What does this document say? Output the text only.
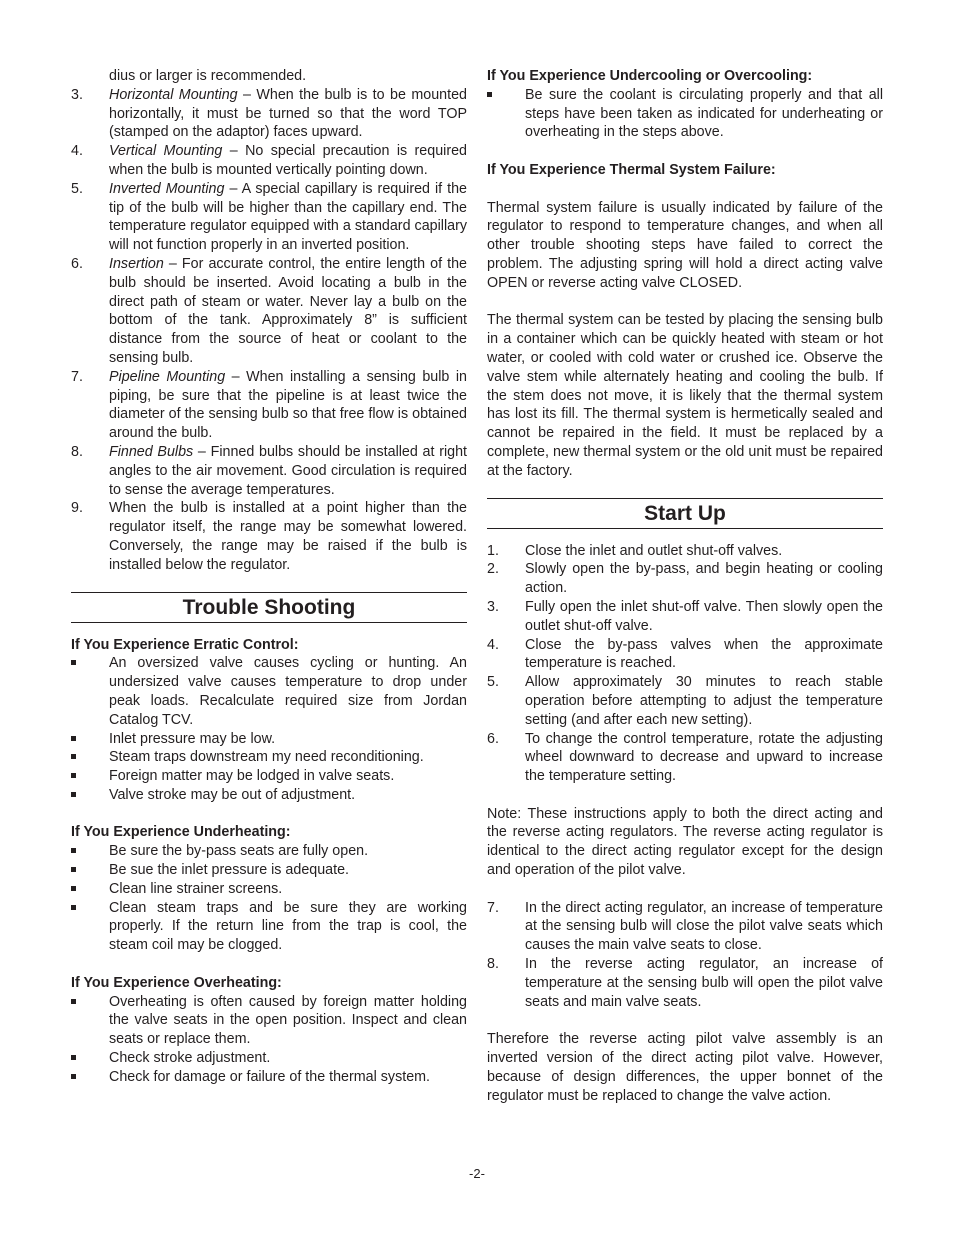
dius or larger is recommended.
3. Horizontal Mounting – When the bulb is to be mounted horizontally, it must be turned so that the word TOP (stamped on the adaptor) faces upward.
4. Vertical Mounting – No special precaution is required when the bulb is mounted vertically pointing down.
5. Inverted Mounting – A special capillary is required if the tip of the bulb will be higher than the capillary end. The temperature regulator equipped with a standard capillary will not function properly in an inverted position.
6. Insertion – For accurate control, the entire length of the bulb should be inserted. Avoid locating a bulb in the direct path of steam or water. Never lay a bulb on the bottom of the tank. Approximately 8” is sufficient distance from the source of heat or coolant to the sensing bulb.
7. Pipeline Mounting – When installing a sensing bulb in piping, be sure that the pipeline is at least twice the diameter of the sensing bulb so that free flow is obtained around the bulb.
8. Finned Bulbs – Finned bulbs should be installed at right angles to the air movement. Good circulation is required to sense the average temperatures.
9. When the bulb is installed at a point higher than the regulator itself, the range may be somewhat lowered. Conversely, the range may be raised if the bulb is installed below the regulator.
Trouble Shooting
If You Experience Erratic Control:
An oversized valve causes cycling or hunting. An undersized valve causes temperature to drop under peak loads. Recalculate required size from Jordan Catalog TCV.
Inlet pressure may be low.
Steam traps downstream my need reconditioning.
Foreign matter may be lodged in valve seats.
Valve stroke may be out of adjustment.
If You Experience Underheating:
Be sure the by-pass seats are fully open.
Be sue the inlet pressure is adequate.
Clean line strainer screens.
Clean steam traps and be sure they are working properly. If the return line from the trap is cool, the steam coil may be clogged.
If You Experience Overheating:
Overheating is often caused by foreign matter holding the valve seats in the open position. Inspect and clean seats or replace them.
Check stroke adjustment.
Check for damage or failure of the thermal system.
If You Experience Undercooling or Overcooling:
Be sure the coolant is circulating properly and that all steps have been taken as indicated for underheating or overheating in the steps above.
If You Experience Thermal System Failure:
Thermal system failure is usually indicated by failure of the regulator to respond to temperature changes, and when all other trouble shooting steps have failed to correct the problem. The adjusting spring will hold a direct acting valve OPEN or reverse acting valve CLOSED.
The thermal system can be tested by placing the sensing bulb in a container which can be quickly heated with steam or hot water, or cooled with cold water or crushed ice. Observe the valve stem while alternately heating and cooling the bulb. If the stem does not move, it is likely that the thermal system has lost its fill. The thermal system is hermetically sealed and cannot be repaired in the field. It must be replaced by a complete, new thermal system or the old unit must be repaired at the factory.
Start Up
1. Close the inlet and outlet shut-off valves.
2. Slowly open the by-pass, and begin heating or cooling action.
3. Fully open the inlet shut-off valve. Then slowly open the outlet shut-off valve.
4. Close the by-pass valves when the approximate temperature is reached.
5. Allow approximately 30 minutes to reach stable operation before attempting to adjust the temperature setting (and after each new setting).
6. To change the control temperature, rotate the adjusting wheel downward to decrease and upward to increase the temperature setting.
Note: These instructions apply to both the direct acting and the reverse acting regulators. The reverse acting regulator is identical to the direct acting regulator except for the design and operation of the pilot valve.
7. In the direct acting regulator, an increase of temperature at the sensing bulb will close the pilot valve seats which causes the main valve seats to close.
8. In the reverse acting regulator, an increase of temperature at the sensing bulb will open the pilot valve seats and main valve seats.
Therefore the reverse acting pilot valve assembly is an inverted version of the direct acting pilot valve. However, because of design differences, the upper bonnet of the regulator must be replaced to change the valve action.
-2-
